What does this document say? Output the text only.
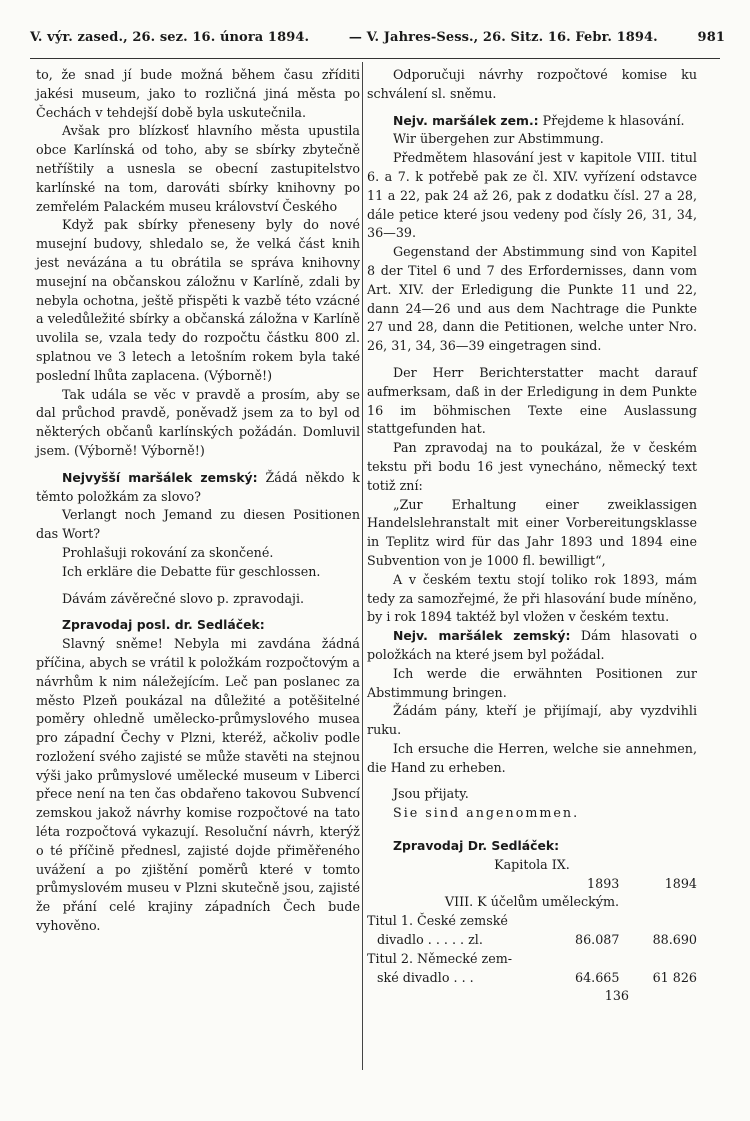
V. výr. zased., 26. sez. 16. února 1894.	— V. Jahres-Sess., 26. Sitz. 16. Febr. 1894.	981

to, že snad jí bude možná během času zříditi jakési museum, jako to rozličná jiná města po Čechách v tehdejší době byla uskutečnila.

Avšak pro blízkosť hlavního města upustila obce Karlínská od toho, aby se sbírky zbytečně netříštily a usnesla se obecní zastupitelstvo karlínské na tom, darováti sbírky knihovny po zemřelém Palackém museu království Českého

Když pak sbírky přeneseny byly do nové musejní budovy, shledalo se, že velká část knih jest nevázána a tu obrátila se správa knihovny musejní na občanskou záložnu v Karlíně, zdali by nebyla ochotna, ještě přispěti k vazbě této vzácné a veledůležité sbírky a občanská záložna v Karlíně uvolila se, vzala tedy do rozpočtu částku 800 zl. splatnou ve 3 letech a letošním rokem byla také poslední lhůta zaplacena. (Výborně!)

Tak udála se věc v pravdě a prosím, aby se dal průchod pravdě, poněvadž jsem za to byl od některých občanů karlínských požádán. Domluvil jsem. (Výborně! Výborně!)

Nejvyšší maršálek zemský: Žádá někdo k těmto položkám za slovo?

Verlangt noch Jemand zu diesen Positionen das Wort?

Prohlašuji rokování za skončené.

Ich erkläre die Debatte für geschlossen.

Dávám závěrečné slovo p. zpravodaji.

Zpravodaj posl. dr. Sedláček:

Slavný sněme! Nebyla mi zavdána žádná příčina, abych se vrátil k položkám rozpočtovým a návrhům k nim náležejícím. Leč pan poslanec za město Plzeň poukázal na důležité a potěšitelné poměry ohledně umělecko-průmyslového musea pro západní Čechy v Plzni, kteréž, ačkoliv podle rozložení svého zajisté se může stavěti na stejnou výši jako průmyslové umělecké museum v Liberci přece není na ten čas obdařeno takovou Subvencí zemskou jakož návrhy komise rozpočtové na tato léta rozpočtová vykazují. Resoluční návrh, kterýž o té příčině přednesl, zajisté dojde přiměřeného uvážení a po zjištění poměrů které v tomto průmyslovém museu v Plzni skutečně jsou, zajisté že přání celé krajiny západních Čech bude vyhověno.

Odporučuji návrhy rozpočtové komise ku schválení sl. sněmu.

Nejv. maršálek zem.: Přejdeme k hlasování.

Wir übergehen zur Abstimmung.

Předmětem hlasování jest v kapitole VIII. titul 6. a 7. k potřebě pak ze čl. XIV. vyřízení odstavce 11 a 22, pak 24 až 26, pak z dodatku čísl. 27 a 28, dále petice které jsou vedeny pod čísly 26, 31, 34, 36—39.

Gegenstand der Abstimmung sind von Kapitel 8 der Titel 6 und 7 des Erfordernisses, dann vom Art. XIV. der Erledigung die Punkte 11 und 22, dann 24—26 und aus dem Nachtrage die Punkte 27 und 28, dann die Petitionen, welche unter Nro. 26, 31, 34, 36—39 eingetragen sind.

Der Herr Berichterstatter macht darauf aufmerksam, daß in der Erledigung in dem Punkte 16 im böhmischen Texte eine Auslassung stattgefunden hat.

Pan zpravodaj na to poukázal, že v českém tekstu při bodu 16 jest vynecháno, německý text totiž zní:

„Zur Erhaltung einer zweiklassigen Handelslehranstalt mit einer Vorbereitungsklasse in Teplitz wird für das Jahr 1893 und 1894 eine Subvention von je 1000 fl. bewilligt“,

A v českém textu stojí toliko rok 1893, mám tedy za samozřejmé, že při hlasování bude míněno, by i rok 1894 taktéž byl vložen v českém textu.

Nejv. maršálek zemský: Dám hlasovati o položkách na které jsem byl požádal.

Ich werde die erwähnten Positionen zur Abstimmung bringen.

Žádám pány, kteří je přijímají, aby vyzdvihli ruku.

Ich ersuche die Herren, welche sie annehmen, die Hand zu erheben.

Jsou přijaty.

Sie sind angenommen.

Zpravodaj Dr. Sedláček:

Kapitola IX.

1893	1894

VIII. K účelům uměleckým.

Titul 1. České zemské
divadlo . . . . . zl.	86.087	88.690
Titul 2. Německé zem-
ské divadlo . . .	64.665	61 826
136
